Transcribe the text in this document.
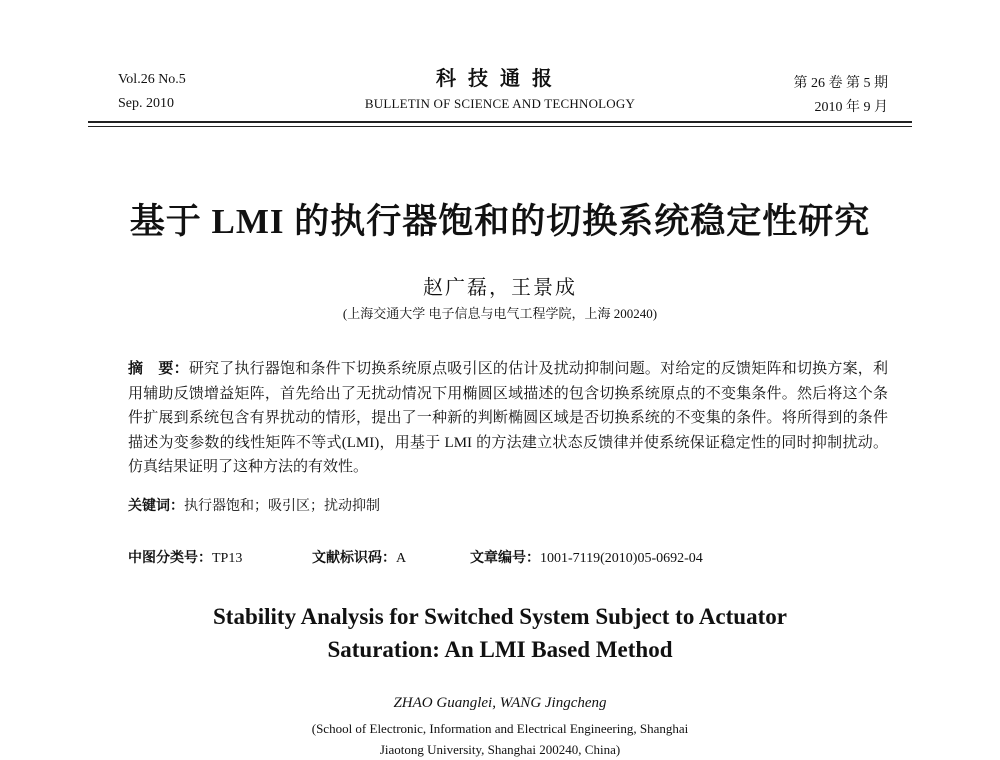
Vol.26 No.5
Sep. 2010
科技通报
BULLETIN OF SCIENCE AND TECHNOLOGY
第 26 卷 第 5 期
2010 年 9 月
基于 LMI 的执行器饱和的切换系统稳定性研究
赵广磊，王景成
(上海交通大学 电子信息与电气工程学院，上海 200240)
摘　要：研究了执行器饱和条件下切换系统原点吸引区的估计及扰动抑制问题。对给定的反馈矩阵和切换方案，利用辅助反馈增益矩阵，首先给出了无扰动情况下用椭圆区域描述的包含切换系统原点的不变集条件。然后将这个条件扩展到系统包含有界扰动的情形，提出了一种新的判断椭圆区域是否切换系统的不变集的条件。将所得到的条件描述为变参数的线性矩阵不等式(LMI)，用基于 LMI 的方法建立状态反馈律并使系统保证稳定性的同时抑制扰动。仿真结果证明了这种方法的有效性。
关键词：执行器饱和；吸引区；扰动抑制
中图分类号：TP13	文献标识码：A	文章编号：1001-7119(2010)05-0692-04
Stability Analysis for Switched System Subject to Actuator
Saturation: An LMI Based Method
ZHAO Guanglei, WANG Jingcheng
(School of Electronic, Information and Electrical Engineering, Shanghai
Jiaotong University, Shanghai 200240, China)
